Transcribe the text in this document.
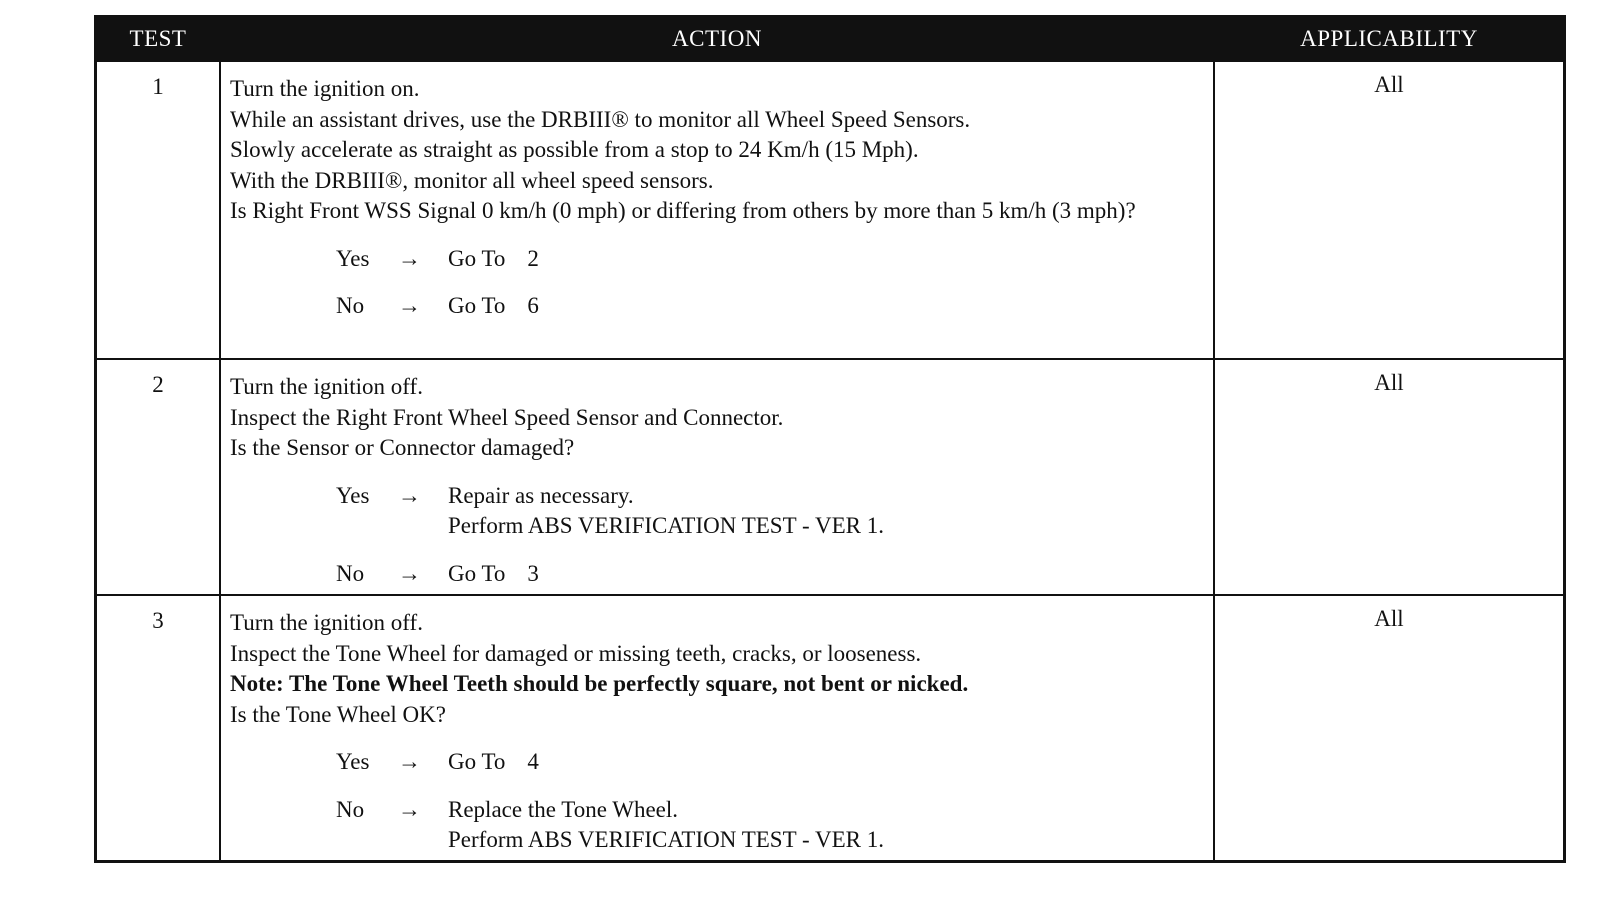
TEST	ACTION	APPLICABILITY
1	Turn the ignition on.
While an assistant drives, use the DRBIII® to monitor all Wheel Speed Sensors.
Slowly accelerate as straight as possible from a stop to 24 Km/h (15 Mph).
With the DRBIII®, monitor all wheel speed sensors.
Is Right Front WSS Signal 0 km/h (0 mph) or differing from others by more than 5 km/h (3 mph)?
Yes	→	Go To 2
No	→	Go To 6
All
2	Turn the ignition off.
Inspect the Right Front Wheel Speed Sensor and Connector.
Is the Sensor or Connector damaged?
Yes	→	Repair as necessary.
Perform ABS VERIFICATION TEST - VER 1.
No	→	Go To 3
All
3	Turn the ignition off.
Inspect the Tone Wheel for damaged or missing teeth, cracks, or looseness.
Note: The Tone Wheel Teeth should be perfectly square, not bent or nicked.
Is the Tone Wheel OK?
Yes	→	Go To 4
No	→	Replace the Tone Wheel.
Perform ABS VERIFICATION TEST - VER 1.
All
